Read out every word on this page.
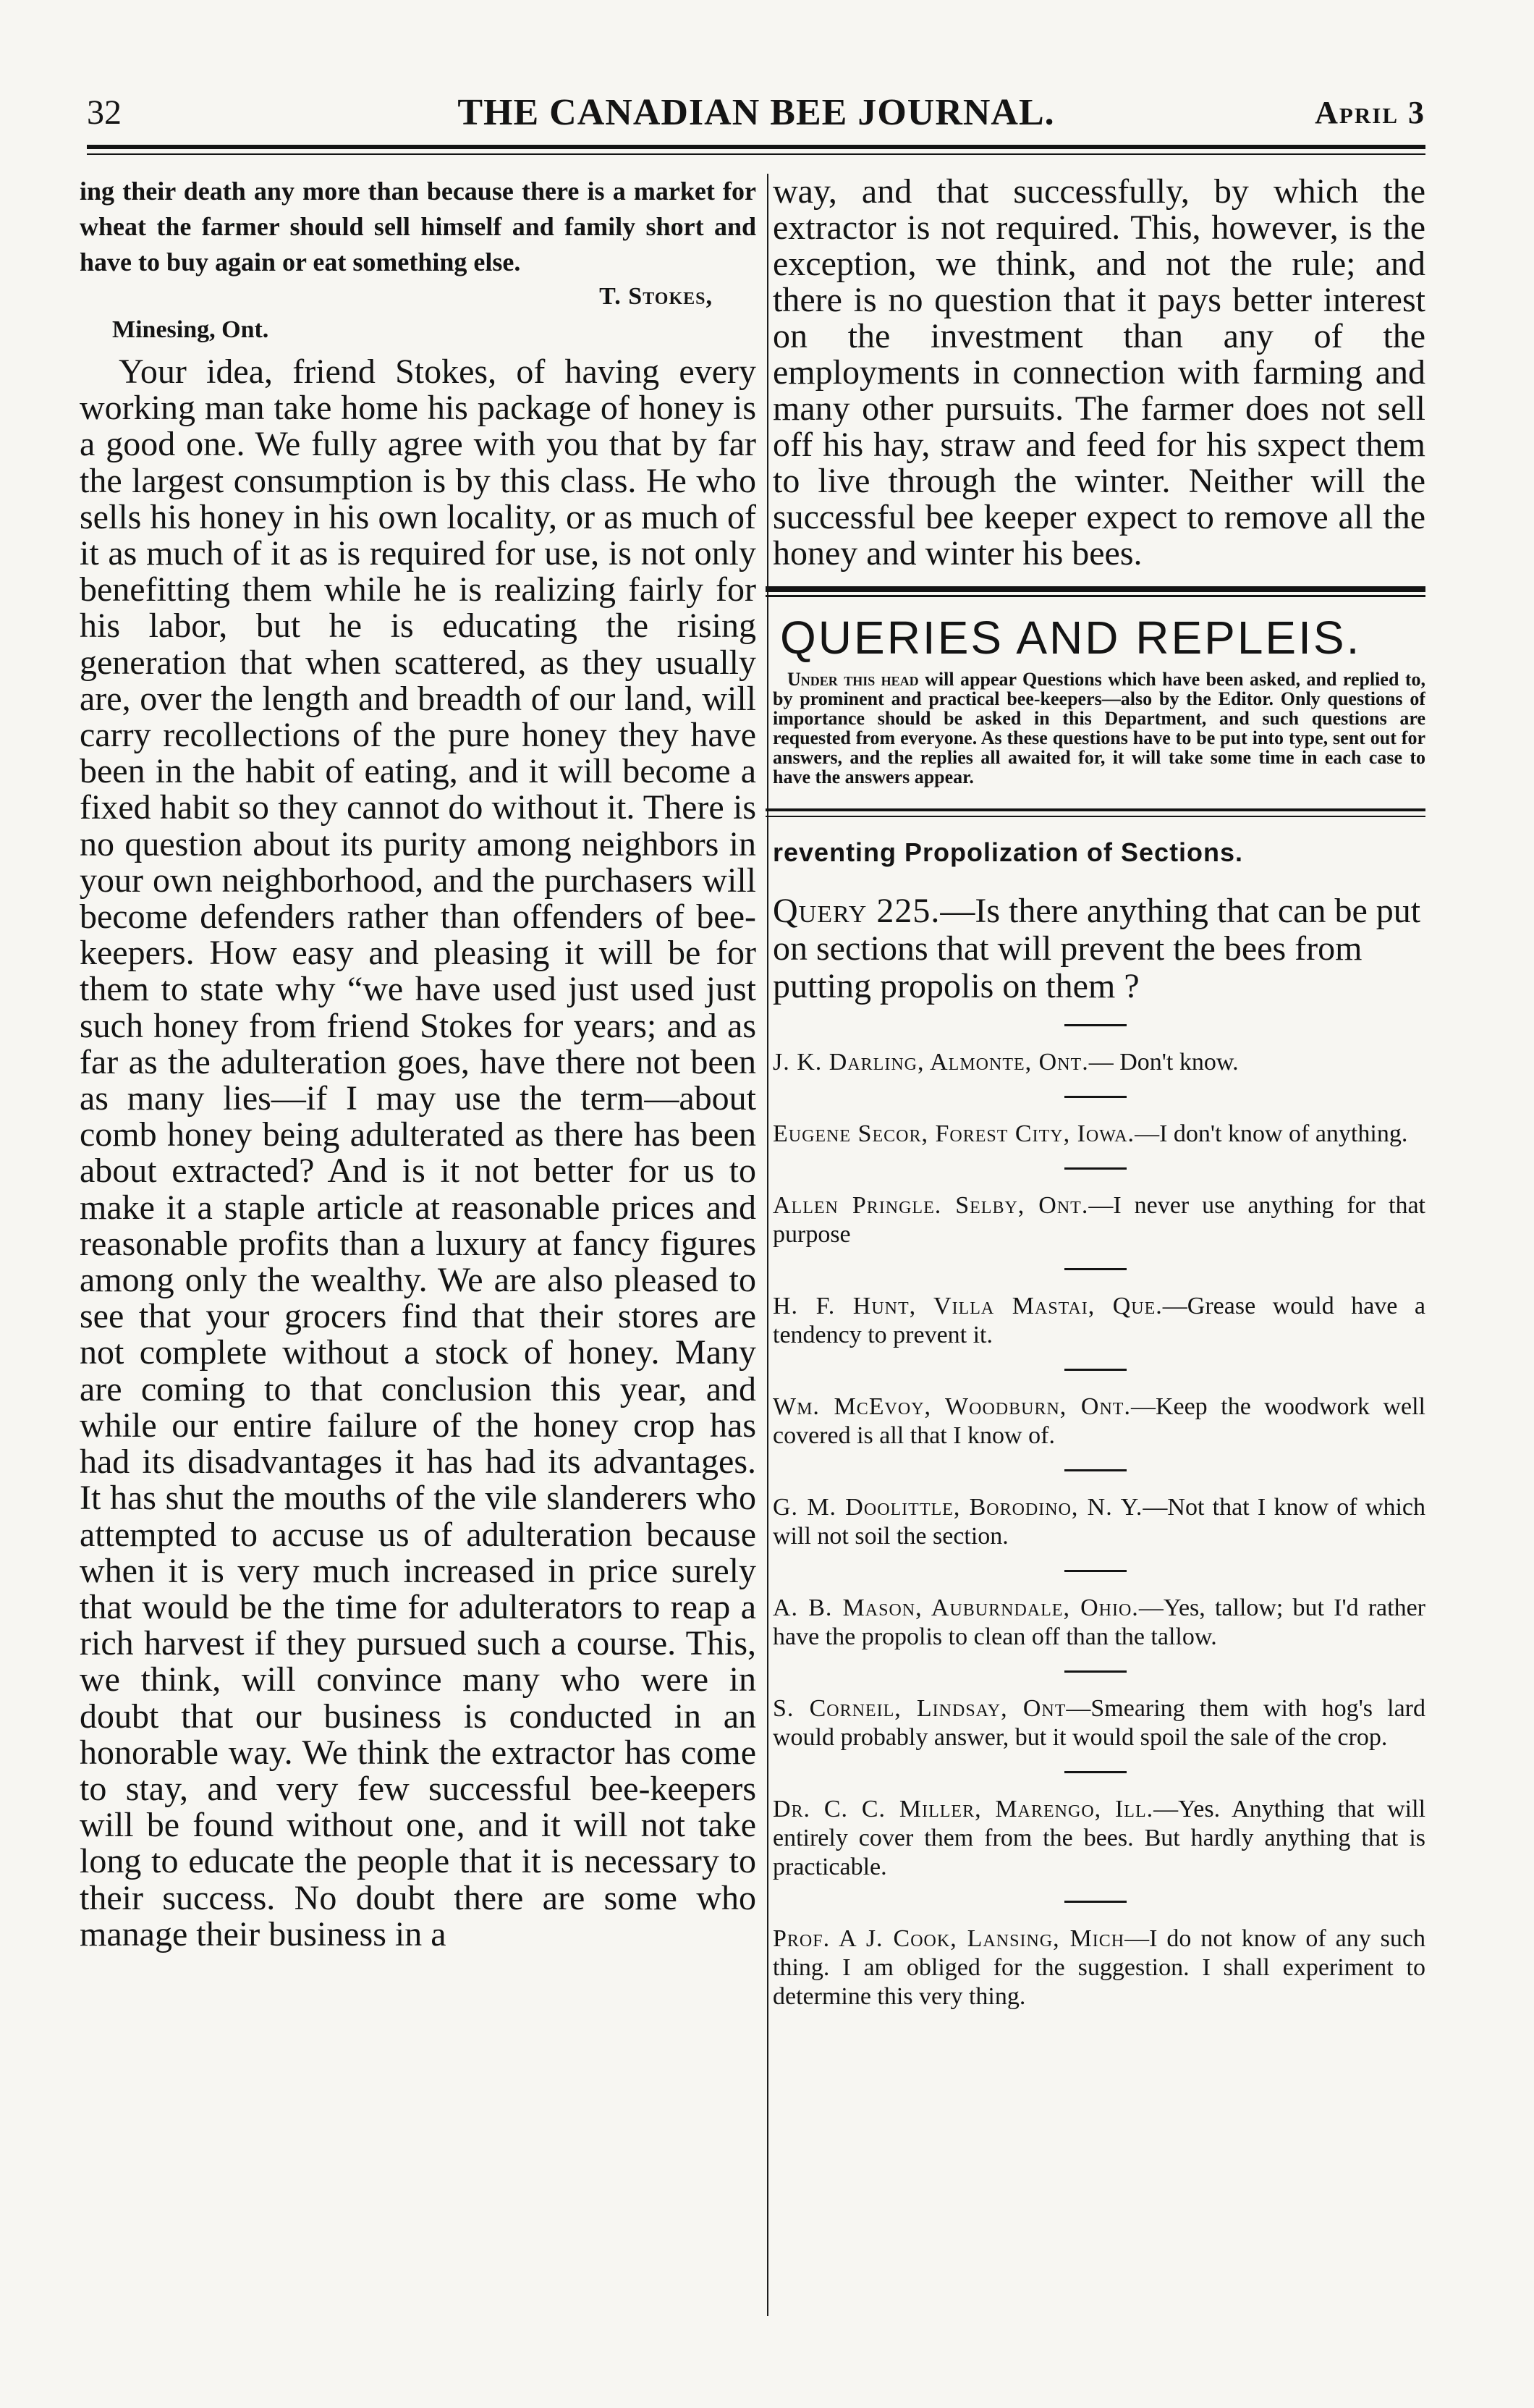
32	THE CANADIAN BEE JOURNAL.	April 3
ing their death any more than because there is a market for wheat the farmer should sell himself and family short and have to buy again or eat something else.
T. Stokes,
Minesing, Ont.
Your idea, friend Stokes, of having every working man take home his package of honey is a good one. We fully agree with you that by far the largest consumption is by this class. He who sells his honey in his own locality, or as much of it as much of it as is required for use, is not only benefitting them while he is realizing fairly for his labor, but he is educating the rising generation that when scattered, as they usually are, over the length and breadth of our land, will carry recollections of the pure honey they have been in the habit of eating, and it will become a fixed habit so they cannot do without it. There is no question about its purity among neighbors in your own neighborhood, and the purchasers will become defenders rather than offenders of bee-keepers. How easy and pleasing it will be for them to state why “we have used just used just such honey from friend Stokes for years; and as far as the adulteration goes, have there not been as many lies—if I may use the term—about comb honey being adulterated as there has been about extracted? And is it not better for us to make it a staple article at reasonable prices and reasonable profits than a luxury at fancy figures among only the wealthy. We are also pleased to see that your grocers find that their stores are not complete without a stock of honey. Many are coming to that conclusion this year, and while our entire failure of the honey crop has had its disadvantages it has had its advantages. It has shut the mouths of the vile slanderers who attempted to accuse us of adulteration because when it is very much increased in price surely that would be the time for adulterators to reap a rich harvest if they pursued such a course. This, we think, will convince many who were in doubt that our business is conducted in an honorable way. We think the extractor has come to stay, and very few successful bee-keepers will be found without one, and it will not take long to educate the people that it is necessary to their success. No doubt there are some who manage their business in a
way, and that successfully, by which the extractor is not required. This, however, is the exception, we think, and not the rule; and there is no question that it pays better interest on the investment than any of the employments in connection with farming and many other pursuits. The farmer does not sell off his hay, straw and feed for his sxpect them to live through the winter. Neither will the successful bee keeper expect to remove all the honey and winter his bees.
QUERIES AND REPLEIS.
Under this head will appear Questions which have been asked, and replied to, by prominent and practical bee-keepers—also by the Editor. Only questions of importance should be asked in this Department, and such questions are requested from everyone. As these questions have to be put into type, sent out for answers, and the replies all awaited for, it will take some time in each case to have the answers appear.
reventing Propolization of Sections.
Query 225.—Is there anything that can be put on sections that will prevent the bees from putting propolis on them ?
J. K. Darling, Almonte, Ont.— Don't know.
Eugene Secor, Forest City, Iowa.—I don't know of anything.
Allen Pringle. Selby, Ont.—I never use anything for that purpose
H. F. Hunt, Villa Mastai, Que.—Grease would have a tendency to prevent it.
Wm. McEvoy, Woodburn, Ont.—Keep the woodwork well covered is all that I know of.
G. M. Doolittle, Borodino, N. Y.—Not that I know of which will not soil the section.
A. B. Mason, Auburndale, Ohio.—Yes, tallow; but I'd rather have the propolis to clean off than the tallow.
S. Corneil, Lindsay, Ont—Smearing them with hog's lard would probably answer, but it would spoil the sale of the crop.
Dr. C. C. Miller, Marengo, Ill.—Yes. Anything that will entirely cover them from the bees. But hardly anything that is practicable.
Prof. A J. Cook, Lansing, Mich—I do not know of any such thing. I am obliged for the suggestion. I shall experiment to determine this very thing.
